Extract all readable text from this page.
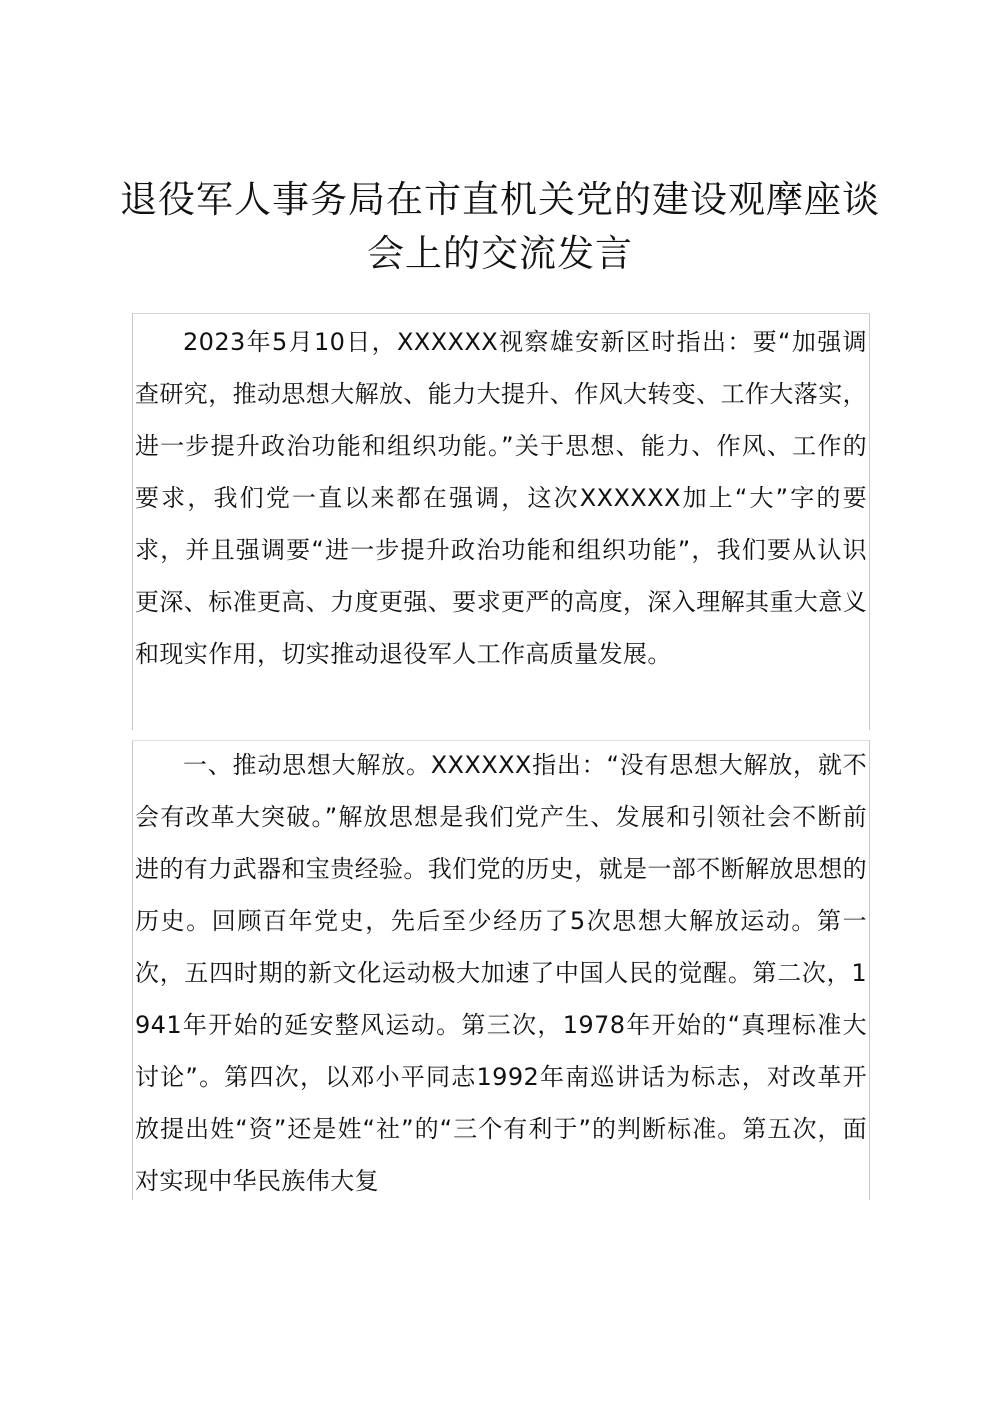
退役军人事务局在市直机关党的建设观摩座谈会上的交流发言

2023年5月10日，XXXXXX视察雄安新区时指出：要“加强调查研究，推动思想大解放、能力大提升、作风大转变、工作大落实，进一步提升政治功能和组织功能。”关于思想、能力、作风、工作的要求，我们党一直以来都在强调，这次XXXXXX加上“大”字的要求，并且强调要“进一步提升政治功能和组织功能”，我们要从认识更深、标准更高、力度更强、要求更严的高度，深入理解其重大意义和现实作用，切实推动退役军人工作高质量发展。

一、推动思想大解放。XXXXXX指出：“没有思想大解放，就不会有改革大突破。”解放思想是我们党产生、发展和引领社会不断前进的有力武器和宝贵经验。我们党的历史，就是一部不断解放思想的历史。回顾百年党史，先后至少经历了5次思想大解放运动。第一次，五四时期的新文化运动极大加速了中国人民的觉醒。第二次，1941年开始的延安整风运动。第三次，1978年开始的“真理标准大讨论”。第四次，以邓小平同志1992年南巡讲话为标志，对改革开放提出姓“资”还是姓“社”的“三个有利于”的判断标准。第五次，面对实现中华民族伟大复
